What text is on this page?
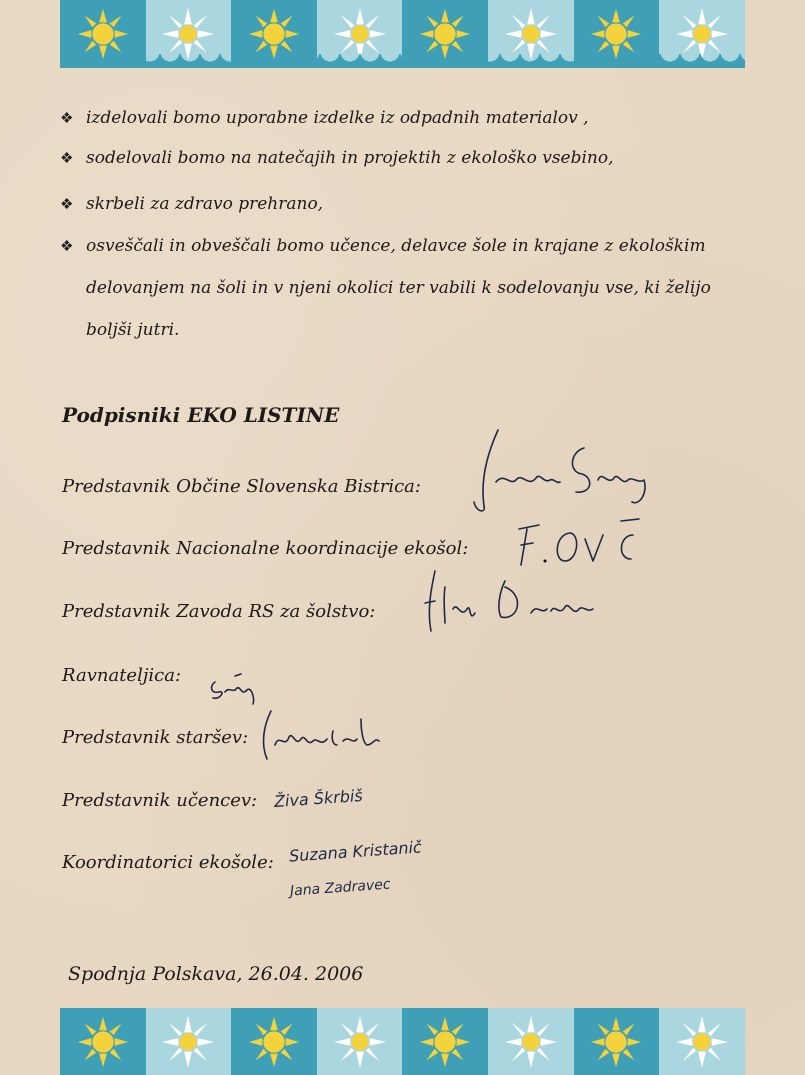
❖ izdelovali bomo uporabne izdelke iz odpadnih materialov ,
❖ sodelovali bomo na natečajih in projektih z ekološko vsebino,
❖ skrbeli za zdravo prehrano,
❖ osveščali in obveščali bomo učence, delavce šole in krajane z ekološkim
delovanjem na šoli in v njeni okolici ter vabili k sodelovanju vse, ki želijo
boljši jutri.
Podpisniki EKO LISTINE
Predstavnik Občine Slovenska Bistrica:
Predstavnik Nacionalne koordinacije ekošol:
Predstavnik Zavoda RS za šolstvo:
Ravnateljica:
Predstavnik staršev:
Predstavnik učencev:
Koordinatorici ekošole:
Živa Škrbiš
Suzana Kristanič
Jana Zadravec
Spodnja Polskava, 26.04. 2006
